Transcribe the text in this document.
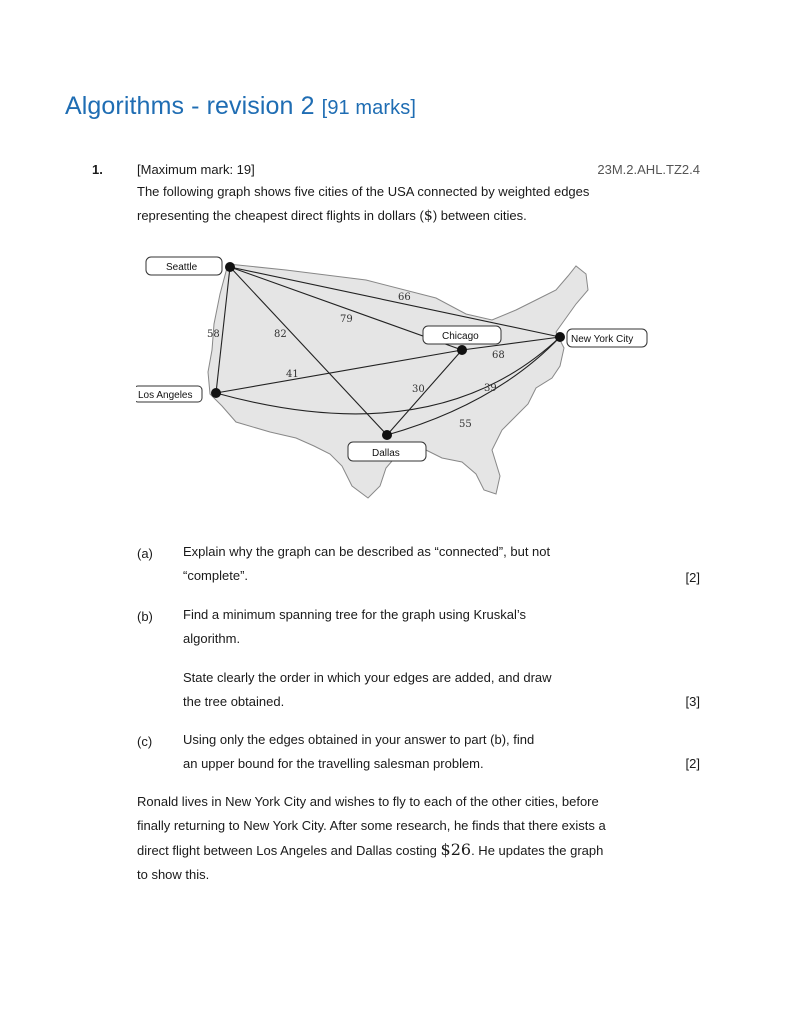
Algorithms - revision 2 [91 marks]
1.	[Maximum mark: 19]	23M.2.AHL.TZ2.4
The following graph shows five cities of the USA connected by weighted edges
representing the cheapest direct flights in dollars ($) between cities.
66
79
58	82
41
68
30	39
55
Seattle
Los Angeles
Chicago	New York City
Dallas
(a) Explain why the graph can be described as “connected”, but not
“complete”.	[2]
(b) Find a minimum spanning tree for the graph using Kruskal’s
algorithm.
State clearly the order in which your edges are added, and draw
the tree obtained.	[3]
(c) Using only the edges obtained in your answer to part (b), find
an upper bound for the travelling salesman problem.	[2]
Ronald lives in New York City and wishes to fly to each of the other cities, before
finally returning to New York City. After some research, he finds that there exists a
direct flight between Los Angeles and Dallas costing $26. He updates the graph
to show this.
